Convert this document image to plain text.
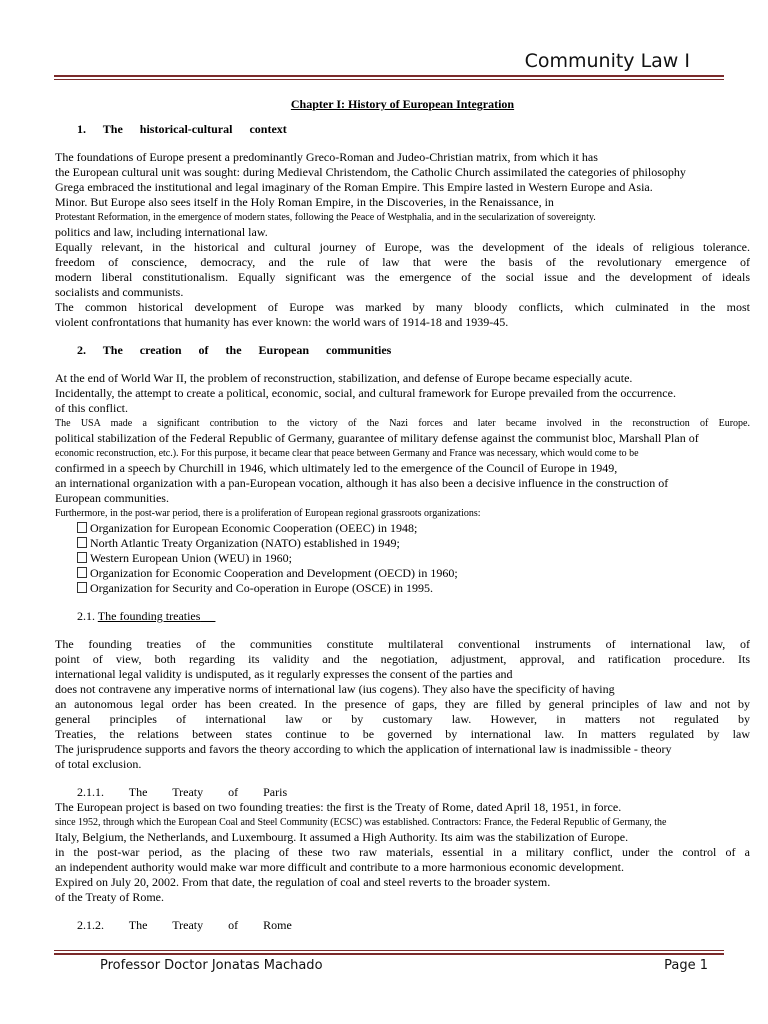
Community Law I
Chapter I: History of European Integration
1. The historical-cultural context
The foundations of Europe present a predominantly Greco-Roman and Judeo-Christian matrix, from which it has
the European cultural unit was sought: during Medieval Christendom, the Catholic Church assimilated the categories of philosophy
Grega embraced the institutional and legal imaginary of the Roman Empire. This Empire lasted in Western Europe and Asia.
Minor. But Europe also sees itself in the Holy Roman Empire, in the Discoveries, in the Renaissance, in
Protestant Reformation, in the emergence of modern states, following the Peace of Westphalia, and in the secularization of sovereignty.
politics and law, including international law.
Equally relevant, in the historical and cultural journey of Europe, was the development of the ideals of religious tolerance.
freedom of conscience, democracy, and the rule of law that were the basis of the revolutionary emergence of
modern liberal constitutionalism. Equally significant was the emergence of the social issue and the development of ideals
socialists and communists.
The common historical development of Europe was marked by many bloody conflicts, which culminated in the most
violent confrontations that humanity has ever known: the world wars of 1914-18 and 1939-45.
2. The creation of the European communities
At the end of World War II, the problem of reconstruction, stabilization, and defense of Europe became especially acute.
Incidentally, the attempt to create a political, economic, social, and cultural framework for Europe prevailed from the occurrence.
of this conflict.
The USA made a significant contribution to the victory of the Nazi forces and later became involved in the reconstruction of Europe.
political stabilization of the Federal Republic of Germany, guarantee of military defense against the communist bloc, Marshall Plan of
economic reconstruction, etc.). For this purpose, it became clear that peace between Germany and France was necessary, which would come to be
confirmed in a speech by Churchill in 1946, which ultimately led to the emergence of the Council of Europe in 1949,
an international organization with a pan-European vocation, although it has also been a decisive influence in the construction of
European communities.
Furthermore, in the post-war period, there is a proliferation of European regional grassroots organizations:
Organization for European Economic Cooperation (OEEC) in 1948;
North Atlantic Treaty Organization (NATO) established in 1949;
Western European Union (WEU) in 1960;
Organization for Economic Cooperation and Development (OECD) in 1960;
Organization for Security and Co-operation in Europe (OSCE) in 1995.
2.1. The founding treaties
The founding treaties of the communities constitute multilateral conventional instruments of international law, of
point of view, both regarding its validity and the negotiation, adjustment, approval, and ratification procedure. Its
international legal validity is undisputed, as it regularly expresses the consent of the parties and
does not contravene any imperative norms of international law (ius cogens). They also have the specificity of having
an autonomous legal order has been created. In the presence of gaps, they are filled by general principles of law and not by
general principles of international law or by customary law. However, in matters not regulated by
Treaties, the relations between states continue to be governed by international law. In matters regulated by law
The jurisprudence supports and favors the theory according to which the application of international law is inadmissible - theory
of total exclusion.
2.1.1. The Treaty of Paris
The European project is based on two founding treaties: the first is the Treaty of Rome, dated April 18, 1951, in force.
since 1952, through which the European Coal and Steel Community (ECSC) was established. Contractors: France, the Federal Republic of Germany, the
Italy, Belgium, the Netherlands, and Luxembourg. It assumed a High Authority. Its aim was the stabilization of Europe.
in the post-war period, as the placing of these two raw materials, essential in a military conflict, under the control of a
an independent authority would make war more difficult and contribute to a more harmonious economic development.
Expired on July 20, 2002. From that date, the regulation of coal and steel reverts to the broader system.
of the Treaty of Rome.
2.1.2. The Treaty of Rome
Professor Doctor Jonatas Machado	Page 1
